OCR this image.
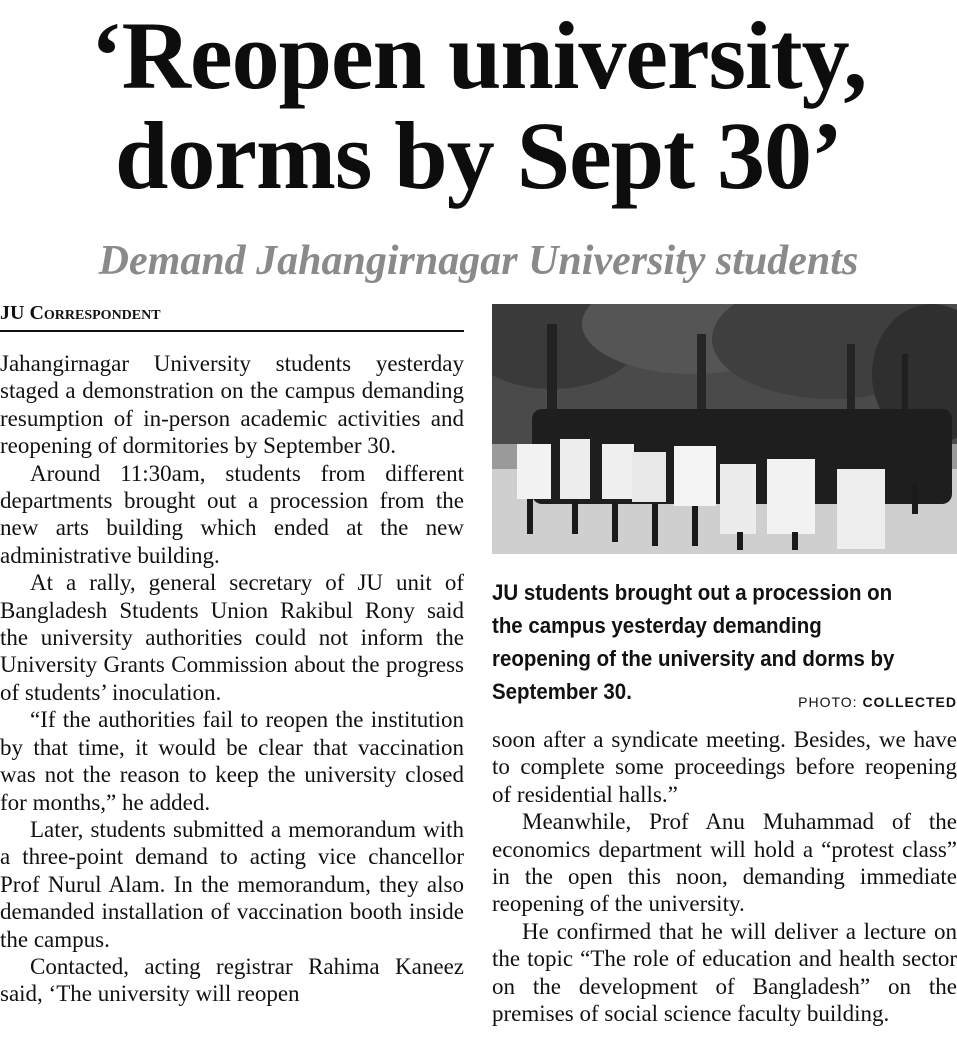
‘Reopen university,
dorms by Sept 30’
Demand Jahangirnagar University students
JU Correspondent

Jahangirnagar University students yesterday staged a demonstration on the campus demanding resumption of in-person academic activities and reopening of dormitories by September 30.

Around 11:30am, students from different departments brought out a procession from the new arts building which ended at the new administrative building.

At a rally, general secretary of JU unit of Bangladesh Students Union Rakibul Rony said the university authorities could not inform the University Grants Commission about the progress of students’ inoculation.

“If the authorities fail to reopen the institution by that time, it would be clear that vaccination was not the reason to keep the university closed for months,” he added.

Later, students submitted a memorandum with a three-point demand to acting vice chancellor Prof Nurul Alam. In the memorandum, they also demanded installation of vaccination booth inside the campus.

Contacted, acting registrar Rahima Kaneez said, ‘The university will reopen

JU students brought out a procession on the campus yesterday demanding reopening of the university and dorms by September 30.	PHOTO: COLLECTED

soon after a syndicate meeting. Besides, we have to complete some proceedings before reopening of residential halls.”

Meanwhile, Prof Anu Muhammad of the economics department will hold a “protest class” in the open this noon, demanding immediate reopening of the university.

He confirmed that he will deliver a lecture on the topic “The role of education and health sector on the development of Bangladesh” on the premises of social science faculty building.
